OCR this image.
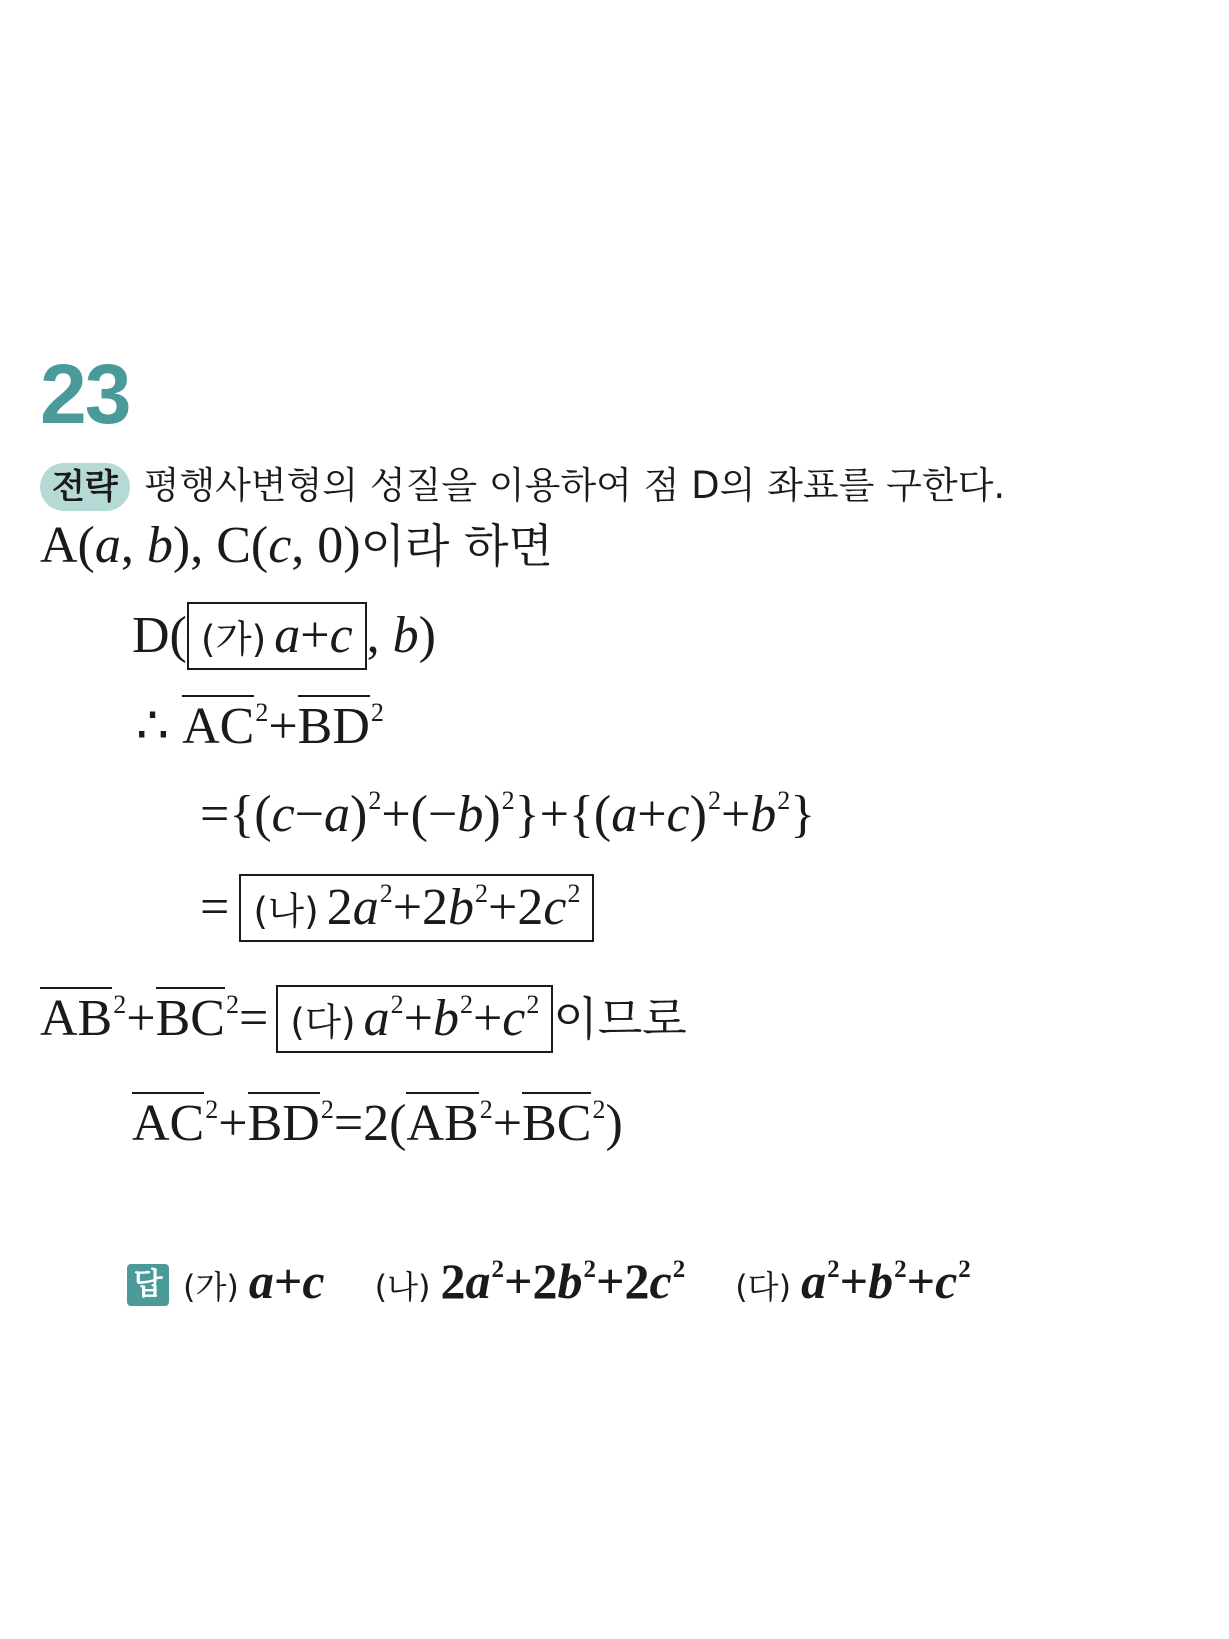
23
전략 평행사변형의 성질을 이용하여 점 D의 좌표를 구한다.
A(a, b), C(c, 0)이라 하면
D( (가) a+c , b)
∴ $AC^2+BD^2$
$=\{(c-a)^2+(-b)^2\}+\{(a+c)^2+b^2\}$
= (나) $2a^2+2b^2+2c^2$
$AB^2+BC^2=$ (다) $a^2+b^2+c^2$ 이므로
$AC^2+BD^2=2(AB^2+BC^2)$
답 (가) a+c (나) $2a^2+2b^2+2c^2$ (다) $a^2+b^2+c^2$
